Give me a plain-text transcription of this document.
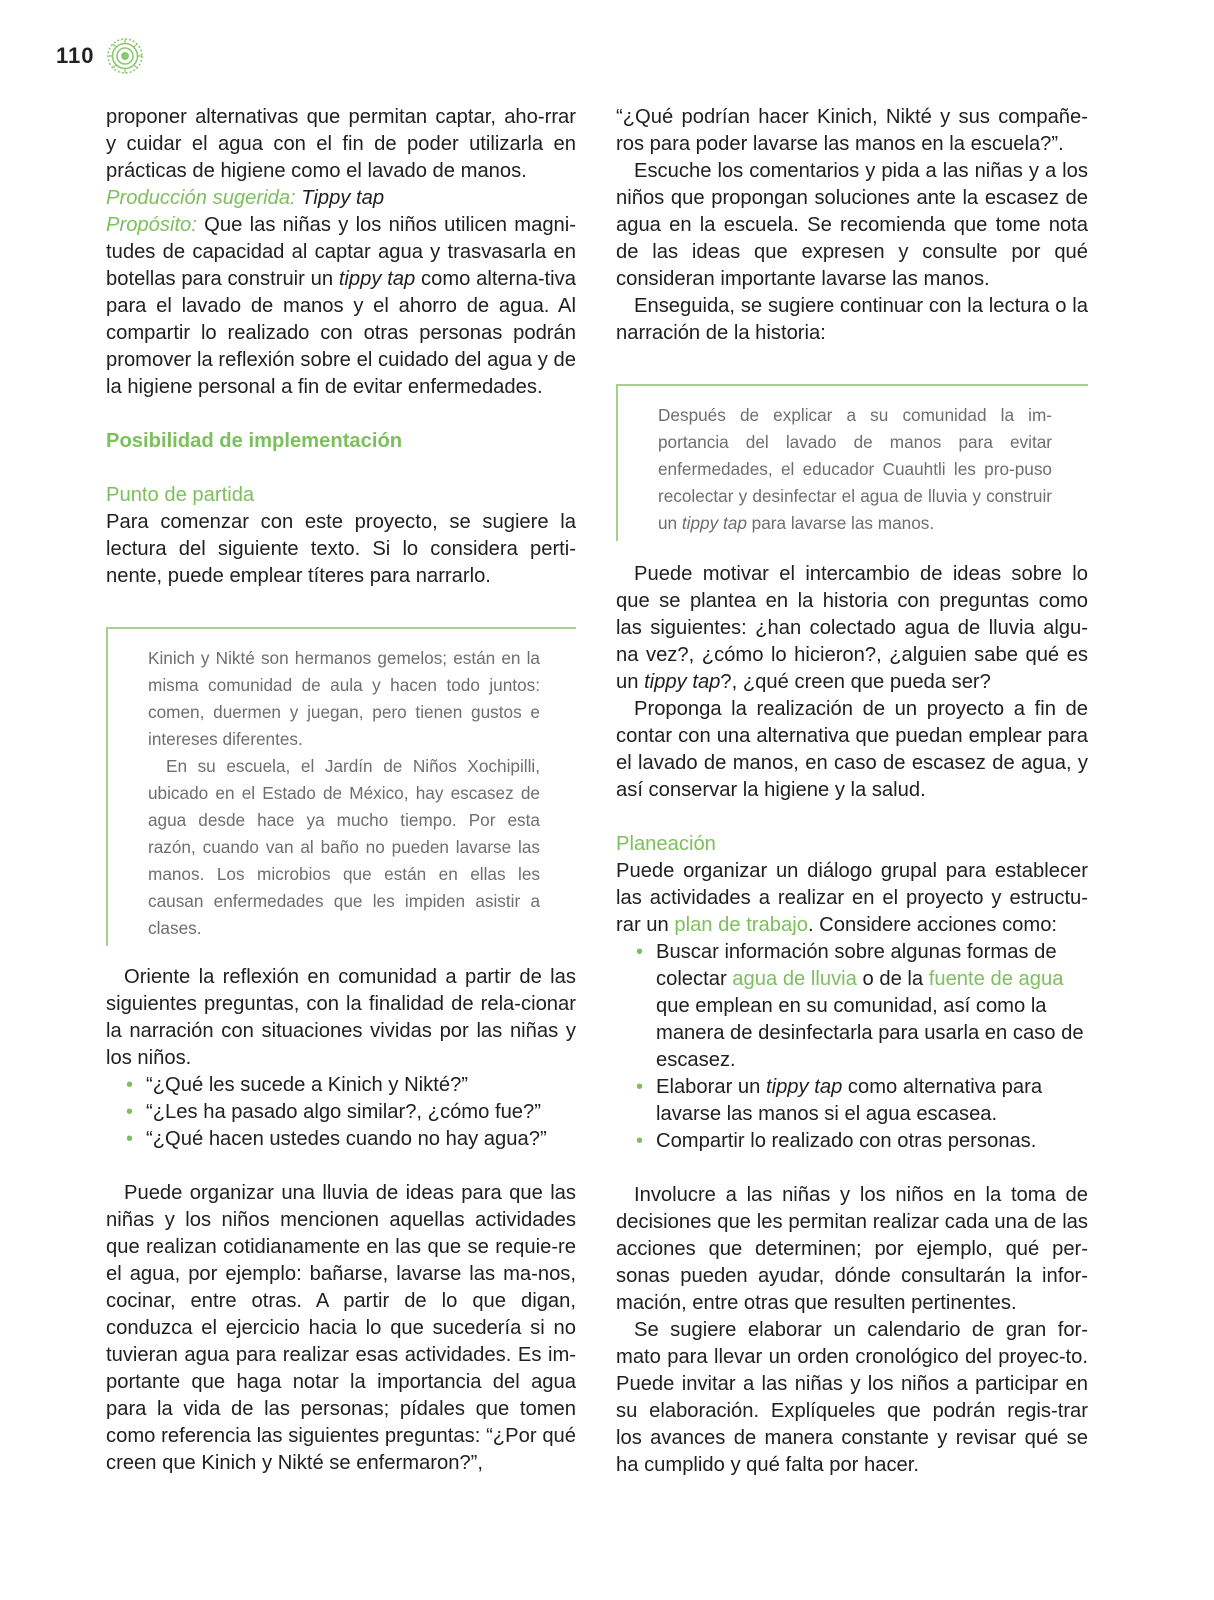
110

proponer alternativas que permitan captar, aho-rrar y cuidar el agua con el fin de poder utilizarla en prácticas de higiene como el lavado de manos.

Producción sugerida: Tippy tap

Propósito: Que las niñas y los niños utilicen magni-tudes de capacidad al captar agua y trasvasarla en botellas para construir un tippy tap como alterna-tiva para el lavado de manos y el ahorro de agua. Al compartir lo realizado con otras personas podrán promover la reflexión sobre el cuidado del agua y de la higiene personal a fin de evitar enfermedades.

Posibilidad de implementación

Punto de partida

Para comenzar con este proyecto, se sugiere la lectura del siguiente texto. Si lo considera perti-nente, puede emplear títeres para narrarlo.

Kinich y Nikté son hermanos gemelos; están en la misma comunidad de aula y hacen todo juntos: comen, duermen y juegan, pero tienen gustos e intereses diferentes.

En su escuela, el Jardín de Niños Xochipilli, ubicado en el Estado de México, hay escasez de agua desde hace ya mucho tiempo. Por esta razón, cuando van al baño no pueden lavarse las manos. Los microbios que están en ellas les causan enfermedades que les impiden asistir a clases.

Oriente la reflexión en comunidad a partir de las siguientes preguntas, con la finalidad de rela-cionar la narración con situaciones vividas por las niñas y los niños.

• “¿Qué les sucede a Kinich y Nikté?”
• “¿Les ha pasado algo similar?, ¿cómo fue?”
• “¿Qué hacen ustedes cuando no hay agua?”

Puede organizar una lluvia de ideas para que las niñas y los niños mencionen aquellas actividades que realizan cotidianamente en las que se requie-re el agua, por ejemplo: bañarse, lavarse las ma-nos, cocinar, entre otras. A partir de lo que digan, conduzca el ejercicio hacia lo que sucedería si no tuvieran agua para realizar esas actividades. Es im-portante que haga notar la importancia del agua para la vida de las personas; pídales que tomen como referencia las siguientes preguntas: “¿Por qué creen que Kinich y Nikté se enfermaron?”,

“¿Qué podrían hacer Kinich, Nikté y sus compañe-ros para poder lavarse las manos en la escuela?”.

Escuche los comentarios y pida a las niñas y a los niños que propongan soluciones ante la escasez de agua en la escuela. Se recomienda que tome nota de las ideas que expresen y consulte por qué consideran importante lavarse las manos.

Enseguida, se sugiere continuar con la lectura o la narración de la historia:

Después de explicar a su comunidad la im-portancia del lavado de manos para evitar enfermedades, el educador Cuauhtli les pro-puso recolectar y desinfectar el agua de lluvia y construir un tippy tap para lavarse las manos.

Puede motivar el intercambio de ideas sobre lo que se plantea en la historia con preguntas como las siguientes: ¿han colectado agua de lluvia algu-na vez?, ¿cómo lo hicieron?, ¿alguien sabe qué es un tippy tap?, ¿qué creen que pueda ser?

Proponga la realización de un proyecto a fin de contar con una alternativa que puedan emplear para el lavado de manos, en caso de escasez de agua, y así conservar la higiene y la salud.

Planeación

Puede organizar un diálogo grupal para establecer las actividades a realizar en el proyecto y estructu-rar un plan de trabajo. Considere acciones como:

• Buscar información sobre algunas formas de colectar agua de lluvia o de la fuente de agua que emplean en su comunidad, así como la manera de desinfectarla para usarla en caso de escasez.
• Elaborar un tippy tap como alternativa para lavarse las manos si el agua escasea.
• Compartir lo realizado con otras personas.

Involucre a las niñas y los niños en la toma de decisiones que les permitan realizar cada una de las acciones que determinen; por ejemplo, qué per-sonas pueden ayudar, dónde consultarán la infor-mación, entre otras que resulten pertinentes.

Se sugiere elaborar un calendario de gran for-mato para llevar un orden cronológico del proyec-to. Puede invitar a las niñas y los niños a participar en su elaboración. Explíqueles que podrán regis-trar los avances de manera constante y revisar qué se ha cumplido y qué falta por hacer.
